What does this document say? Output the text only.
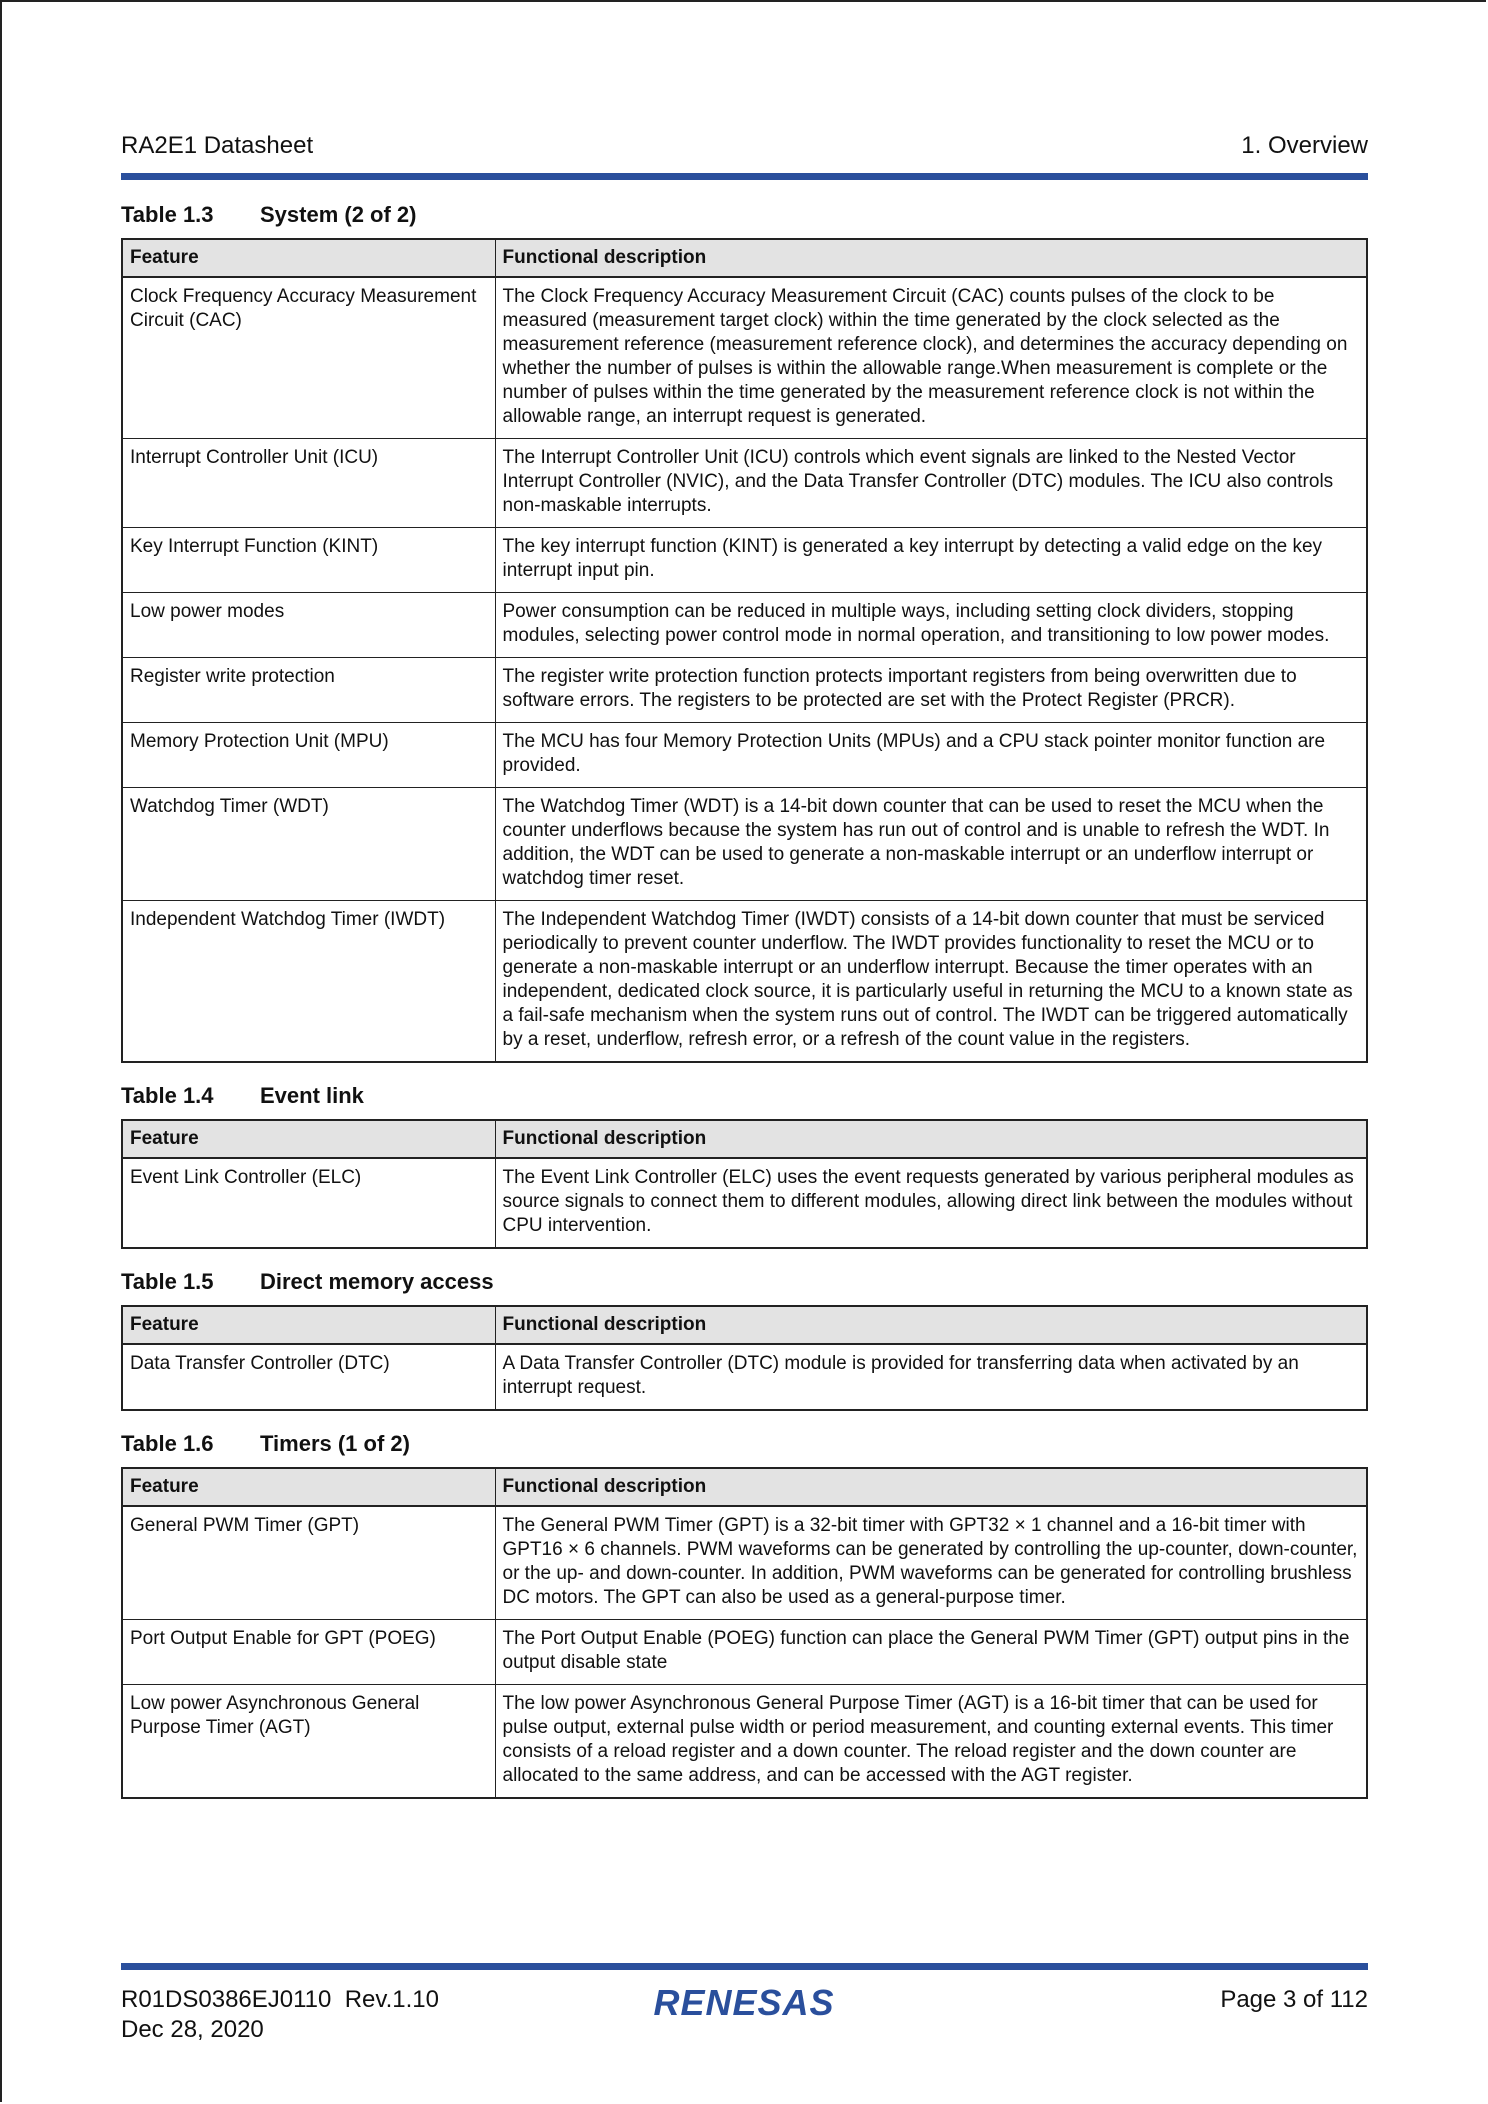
RA2E1 Datasheet	1. Overview
Table 1.3	System (2 of 2)
Feature	Functional description
Clock Frequency Accuracy Measurement Circuit (CAC)	The Clock Frequency Accuracy Measurement Circuit (CAC) counts pulses of the clock to be measured (measurement target clock) within the time generated by the clock selected as the measurement reference (measurement reference clock), and determines the accuracy depending on whether the number of pulses is within the allowable range.When measurement is complete or the number of pulses within the time generated by the measurement reference clock is not within the allowable range, an interrupt request is generated.
Interrupt Controller Unit (ICU)	The Interrupt Controller Unit (ICU) controls which event signals are linked to the Nested Vector Interrupt Controller (NVIC), and the Data Transfer Controller (DTC) modules. The ICU also controls non-maskable interrupts.
Key Interrupt Function (KINT)	The key interrupt function (KINT) is generated a key interrupt by detecting a valid edge on the key interrupt input pin.
Low power modes	Power consumption can be reduced in multiple ways, including setting clock dividers, stopping modules, selecting power control mode in normal operation, and transitioning to low power modes.
Register write protection	The register write protection function protects important registers from being overwritten due to software errors. The registers to be protected are set with the Protect Register (PRCR).
Memory Protection Unit (MPU)	The MCU has four Memory Protection Units (MPUs) and a CPU stack pointer monitor function are provided.
Watchdog Timer (WDT)	The Watchdog Timer (WDT) is a 14-bit down counter that can be used to reset the MCU when the counter underflows because the system has run out of control and is unable to refresh the WDT. In addition, the WDT can be used to generate a non-maskable interrupt or an underflow interrupt or watchdog timer reset.
Independent Watchdog Timer (IWDT)	The Independent Watchdog Timer (IWDT) consists of a 14-bit down counter that must be serviced periodically to prevent counter underflow. The IWDT provides functionality to reset the MCU or to generate a non-maskable interrupt or an underflow interrupt. Because the timer operates with an independent, dedicated clock source, it is particularly useful in returning the MCU to a known state as a fail-safe mechanism when the system runs out of control. The IWDT can be triggered automatically by a reset, underflow, refresh error, or a refresh of the count value in the registers.
Table 1.4	Event link
Feature	Functional description
Event Link Controller (ELC)	The Event Link Controller (ELC) uses the event requests generated by various peripheral modules as source signals to connect them to different modules, allowing direct link between the modules without CPU intervention.
Table 1.5	Direct memory access
Feature	Functional description
Data Transfer Controller (DTC)	A Data Transfer Controller (DTC) module is provided for transferring data when activated by an interrupt request.
Table 1.6	Timers (1 of 2)
Feature	Functional description
General PWM Timer (GPT)	The General PWM Timer (GPT) is a 32-bit timer with GPT32 × 1 channel and a 16-bit timer with GPT16 × 6 channels. PWM waveforms can be generated by controlling the up-counter, down-counter, or the up- and down-counter. In addition, PWM waveforms can be generated for controlling brushless DC motors. The GPT can also be used as a general-purpose timer.
Port Output Enable for GPT (POEG)	The Port Output Enable (POEG) function can place the General PWM Timer (GPT) output pins in the output disable state
Low power Asynchronous General Purpose Timer (AGT)	The low power Asynchronous General Purpose Timer (AGT) is a 16-bit timer that can be used for pulse output, external pulse width or period measurement, and counting external events. This timer consists of a reload register and a down counter. The reload register and the down counter are allocated to the same address, and can be accessed with the AGT register.
R01DS0386EJ0110  Rev.1.10
Dec 28, 2020
RENESAS	Page 3 of 112
